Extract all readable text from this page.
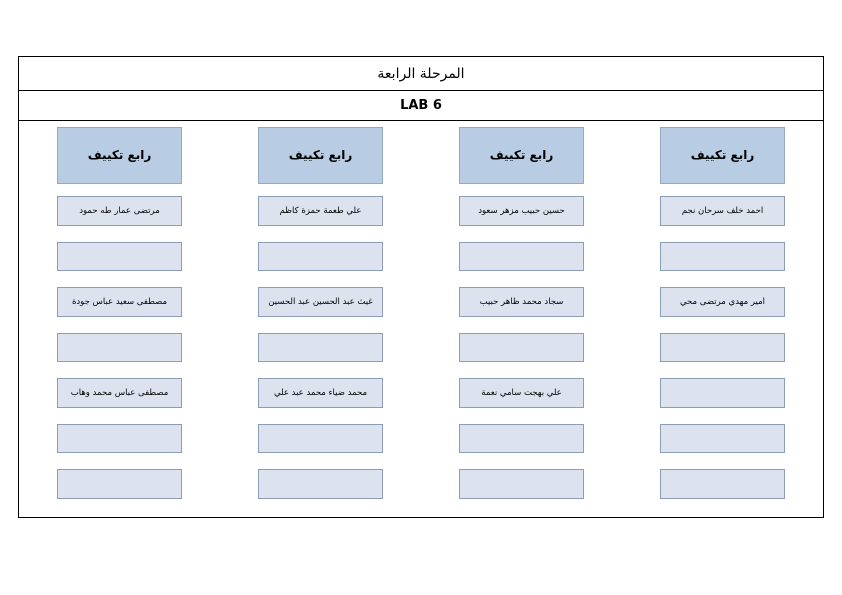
المرحلة الرابعة
LAB 6
رابع تكييف
احمد خلف سرحان نجم
امير مهدي مرتضى محي
رابع تكييف
حسين حبيب مزهر سعود
سجاد محمد ظاهر حبيب
علي بهجت سامي نعمة
رابع تكييف
علي طعمة حمزة كاظم
غيث عبد الحسين عبد الحسين
محمد ضياء محمد عبد علي
رابع تكييف
مرتضى عمار طه حمود
مصطفى سعيد عباس جودة
مصطفى عباس محمد وهاب
